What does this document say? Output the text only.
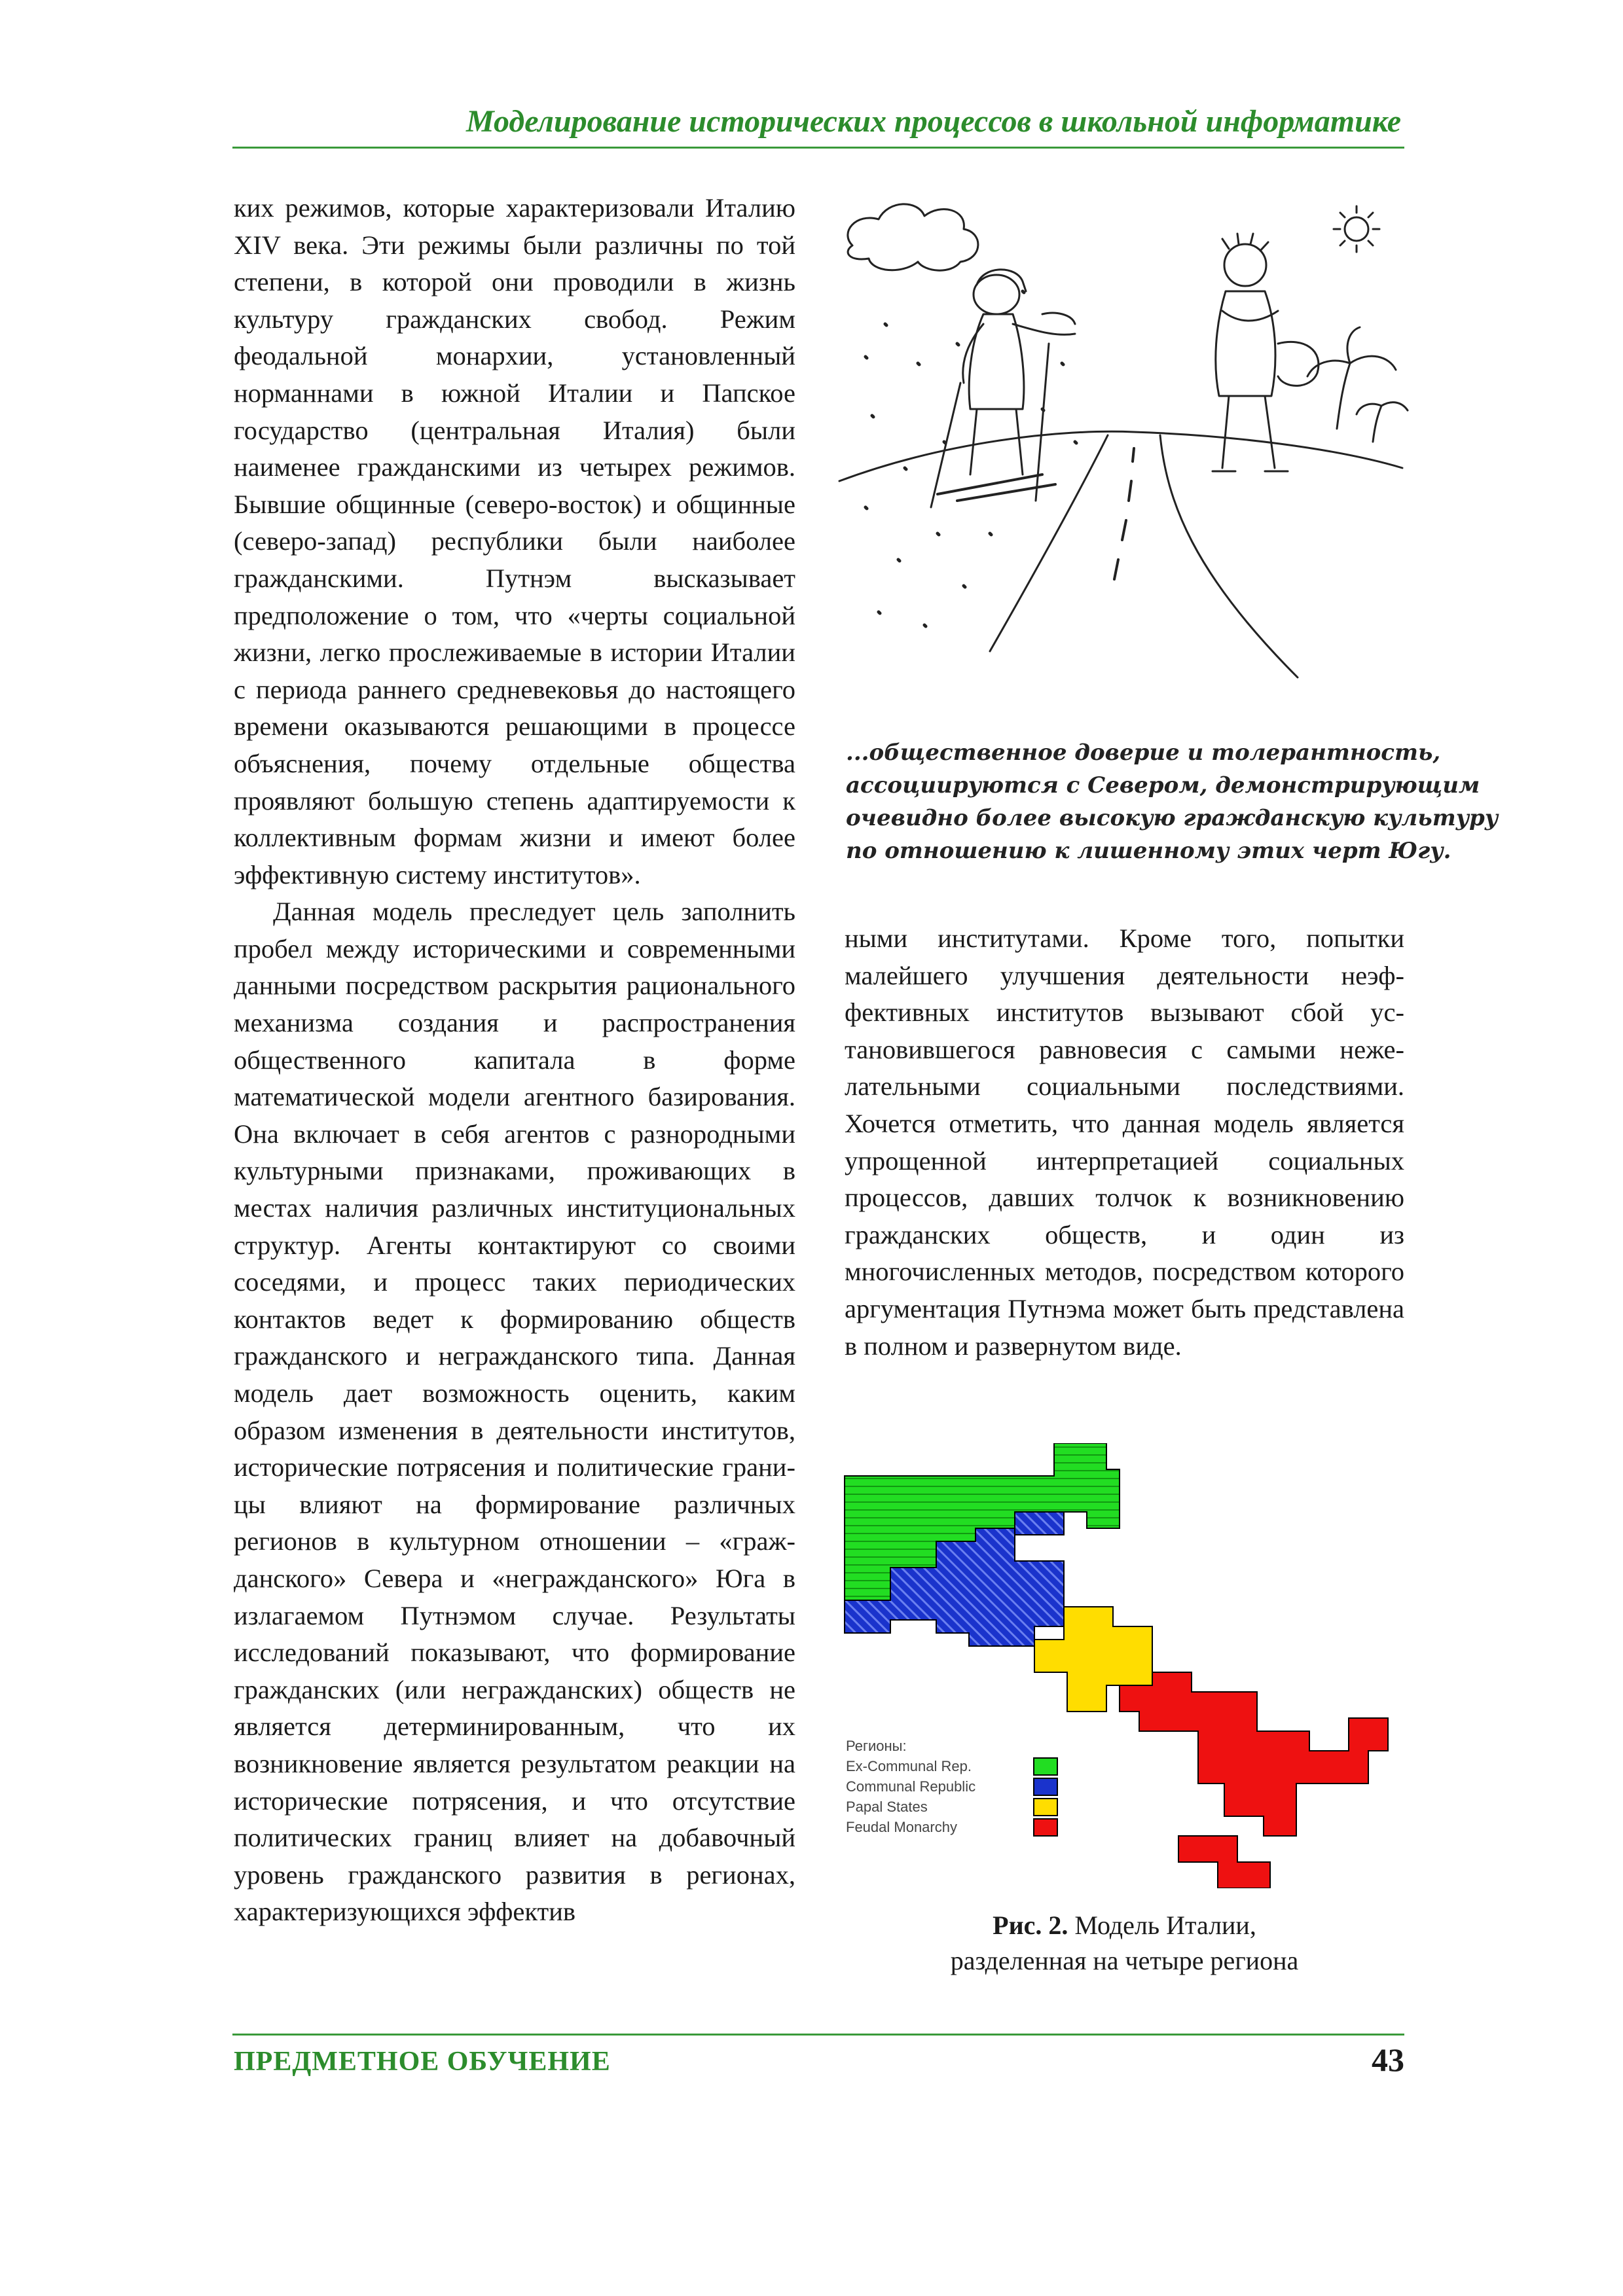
Моделирование исторических процессов в школьной информатике

ких режимов, которые характеризовали Италию XIV века. Эти режимы были различны по той степени, в которой они проводили в жизнь культуру гражданских свобод. Режим феодальной монархии, установленный норманнами в южной Италии и Папское государство (центральная Италия) были наименее гражданскими из четырех режимов. Бывшие общинные (северо-восток) и общинные (северо-запад) республики были наиболее гражданскими. Путнэм высказывает предположение о том, что «черты социальной жизни, легко прослеживаемые в истории Италии с периода раннего средневековья до настоящего времени оказываются решающими в процессе объяснения, почему отдельные общества проявляют большую степень адаптируемости к коллективным формам жизни и имеют более эффективную систему институтов».

Данная модель преследует цель заполнить пробел между историческими и современными данными посредством раскрытия рационального механизма создания и распространения общественного капитала в форме математической модели агентного базирования. Она включает в себя агентов с разнородными культурными признаками, проживающих в местах наличия различных институциональных структур. Агенты контактируют со своими соседями, и процесс таких периодических контактов ведет к формированию обществ гражданского и негражданского типа. Данная модель дает возможность оценить, каким образом изменения в деятельности институтов, исторические потрясения и политические границы влияют на формирование различных регионов в культурном отношении – «гражданского» Севера и «негражданского» Юга в излагаемом Путнэмом случае. Результаты исследований показывают, что формирование гражданских (или негражданских) обществ не является детерминированным, что их возникновение является результатом реакции на исторические потрясения, и что отсутствие политических границ влияет на добавочный уровень гражданского развития в регионах, характеризующихся эффектив

...общественное доверие и толерантность,
ассоциируются с Севером, демонстрирующим
очевидно более высокую гражданскую культуру
по отношению к лишенному этих черт Югу.

ными институтами. Кроме того, попытки малейшего улучшения деятельности неэффективных институтов вызывают сбой установившегося равновесия с самыми нежелательными социальными последствиями. Хочется отметить, что данная модель является упрощенной интерпретацией социальных процессов, давших толчок к возникновению гражданских обществ, и один из многочисленных методов, посредством которого аргументация Путнэма может быть представлена в полном и развернутом виде.

Регионы:
Ex-Communal Rep.
Communal Republic
Papal States
Feudal Monarchy
Рис. 2. Модель Италии,
разделенная на четыре региона
ПРЕДМЕТНОЕ ОБУЧЕНИЕ	43
